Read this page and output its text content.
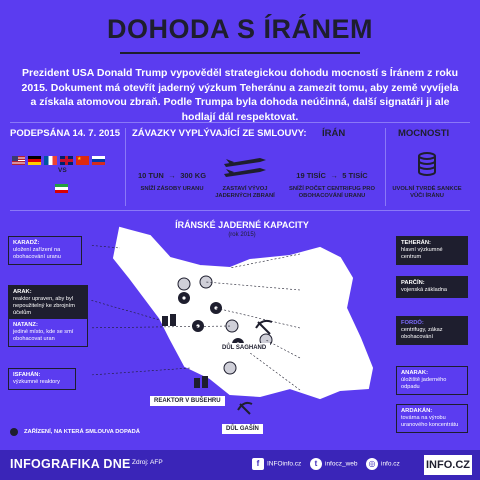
DOHODA S ÍRÁNEM
Prezident USA Donald Trump vypověděl strategickou dohodu mocností s Íránem z roku 2015. Dokument má otevřít jaderný výzkum Teheránu a zamezit tomu, aby země vyvíjela a získala atomovou zbraň. Podle Trumpa byla dohoda neúčinná, další signatáři ji ale hodlají dál respektovat.
PODEPSÁNA 14. 7. 2015
★
VS
ZÁVAZKY VYPLÝVAJÍCÍ ZE SMLOUVY: ÍRÁN	MOCNOSTI
10 TUN → 300 KG
SNÍŽÍ ZÁSOBY URANU	ZASTAVÍ VÝVOJ JADERNÝCH ZBRANÍ
19 TISÍC → 5 TISÍC
SNÍŽÍ POČET CENTRIFUG PRO OBOHACOVÁNÍ URANU
UVOLNÍ TVRDÉ SANKCE VŮČI ÍRÁNU
ÍRÁNSKÉ JADERNÉ KAPACITY
(rok 2015)
DŮL SAGHAND
REAKTOR V BUŠEHRU
DŮL GAŠÍN
KARADŽ:
uložení zařízení na obohacování uranu
ARAK:
reaktor upraven, aby byl nepoužitelný ke zbrojním účelům
NATANZ:
jediné místo, kde se smí obohacovat uran
ISFAHÁN:
výzkumné reaktory
TEHERÁN:
hlavní výzkumné centrum
PARČÍN:
vojenská základna
FORDÓ:
centrifugy, zákaz obohacování
ANARAK:
úložiště jaderného odpadu
ARDAKÁN:
továrna na výrobu uranového koncentrátu
ZAŘÍZENÍ, NA KTERÁ SMLOUVA DOPADÁ
INFOGRAFIKA DNE Zdroj: AFP	f INFOinfo.cz	t infocz_web	◎ info.cz INFO.CZ
